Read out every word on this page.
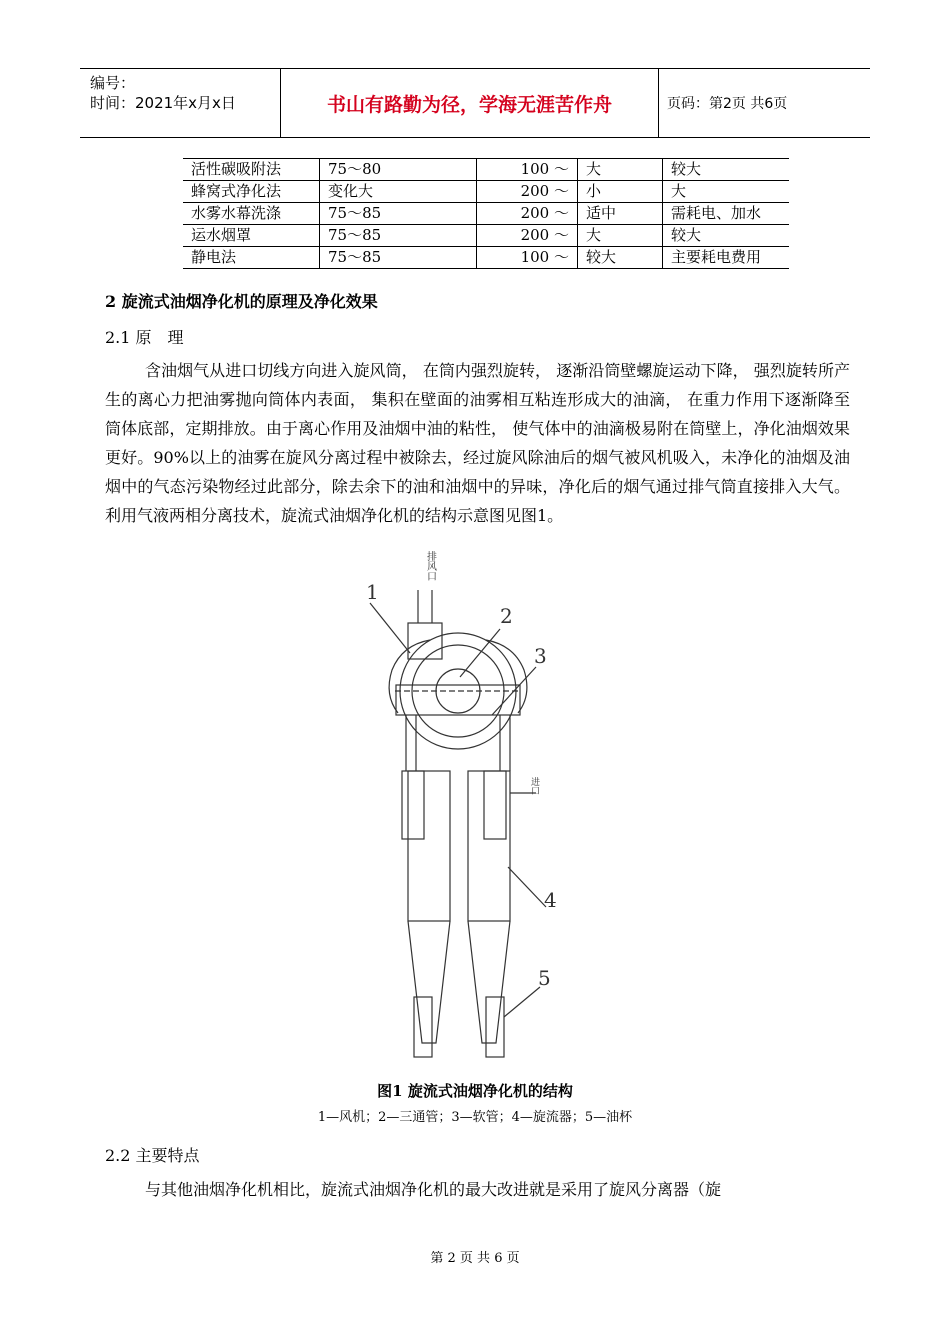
编号：
时间：2021年x月x日	书山有路勤为径，学海无涯苦作舟	页码：第2页 共6页
活性碳吸附法	75～80	100 ～	大	较大
蜂窝式净化法	变化大	200 ～	小	大
水雾水幕洗涤	75～85	200 ～	适中	需耗电、加水
运水烟罩	75～85	200 ～	大	较大
静电法	75～85	100 ～	较大	主要耗电费用
2 旋流式油烟净化机的原理及净化效果
2.1 原　理

含油烟气从进口切线方向进入旋风筒， 在筒内强烈旋转， 逐渐沿筒壁螺旋运动下降， 强烈旋转所产生的离心力把油雾抛向筒体内表面， 集积在壁面的油雾相互粘连形成大的油滴， 在重力作用下逐渐降至筒体底部，定期排放。由于离心作用及油烟中油的粘性， 使气体中的油滴极易附在筒壁上，净化油烟效果更好。90%以上的油雾在旋风分离过程中被除去，经过旋风除油后的烟气被风机吸入，未净化的油烟及油烟中的气态污染物经过此部分，除去余下的油和油烟中的异味，净化后的烟气通过排气筒直接排入大气。利用气液两相分离技术，旋流式油烟净化机的结构示意图见图1。

排风口
进口
1
2
3
4
5
图1 旋流式油烟净化机的结构
1—风机；2—三通管；3—软管；4—旋流器；5—油杯
2.2 主要特点

与其他油烟净化机相比，旋流式油烟净化机的最大改进就是采用了旋风分离器（旋

第 2 页 共 6 页
